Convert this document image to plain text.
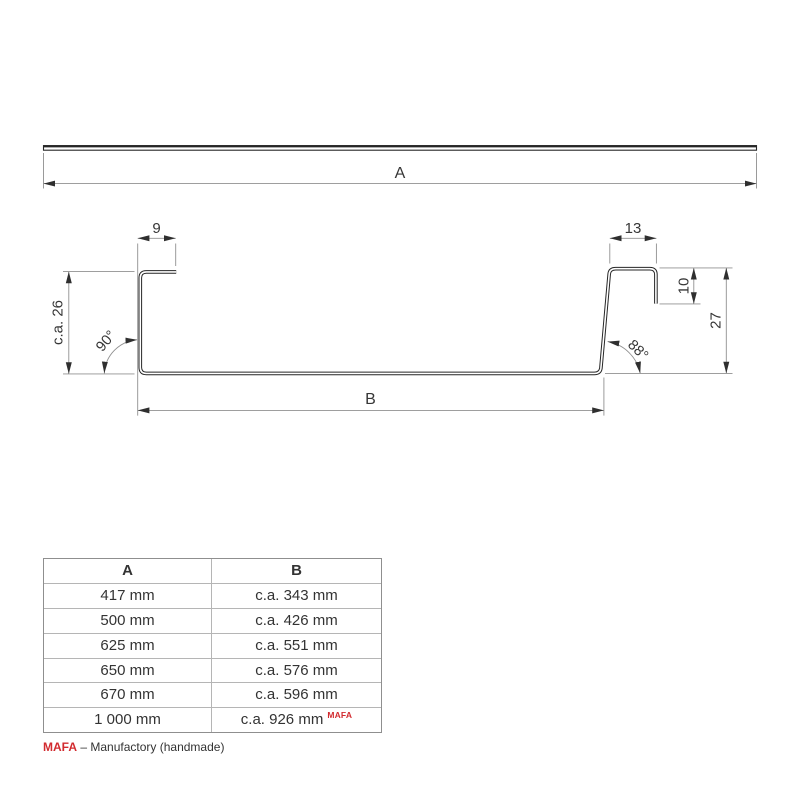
A
9	13
c.a. 26 90°
10
27
88°
B
A	B
417 mm	c.a. 343 mm
500 mm	c.a. 426 mm
625 mm	c.a. 551 mm
650 mm	c.a. 576 mm
670 mm	c.a. 596 mm
1 000 mm	c.a. 926 mm $^{MAFA}$
MAFA – Manufactory (handmade)
